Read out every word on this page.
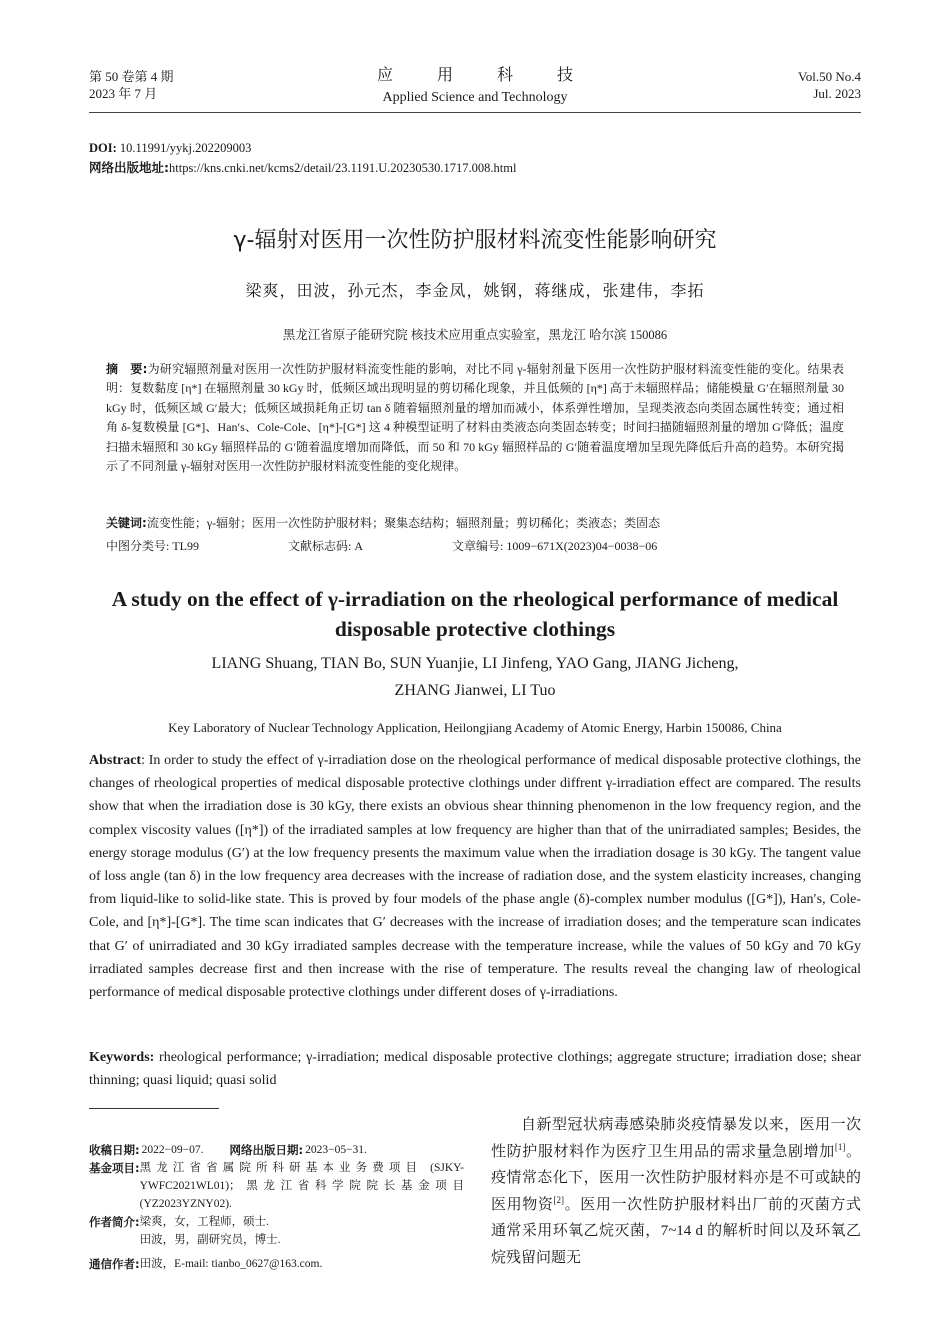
第 50 卷第 4 期
2023 年 7 月
应用科技
Applied Science and Technology
Vol.50 No.4
Jul. 2023
DOI: 10.11991/yykj.202209003
网络出版地址:https://kns.cnki.net/kcms2/detail/23.1191.U.20230530.1717.008.html
γ-辐射对医用一次性防护服材料流变性能影响研究
梁爽，田波，孙元杰，李金凤，姚钢，蒋继成，张建伟，李拓
黑龙江省原子能研究院 核技术应用重点实验室，黑龙江 哈尔滨 150086
摘　要:为研究辐照剂量对医用一次性防护服材料流变性能的影响，对比不同 γ-辐射剂量下医用一次性防护服材料流变性能的变化。结果表明：复数黏度 [η*] 在辐照剂量 30 kGy 时，低频区域出现明显的剪切稀化现象，并且低频的 [η*] 高于未辐照样品；储能模量 G′在辐照剂量 30 kGy 时，低频区域 G′最大；低频区域损耗角正切 tan δ 随着辐照剂量的增加而减小，体系弹性增加，呈现类液态向类固态属性转变；通过相角 δ-复数模量 [G*]、Han′s、Cole-Cole、[η*]-[G*] 这 4 种模型证明了材料由类液态向类固态转变；时间扫描随辐照剂量的增加 G′降低；温度扫描未辐照和 30 kGy 辐照样品的 G′随着温度增加而降低，而 50 和 70 kGy 辐照样品的 G′随着温度增加呈现先降低后升高的趋势。本研究揭示了不同剂量 γ-辐射对医用一次性防护服材料流变性能的变化规律。
关键词:流变性能；γ-辐射；医用一次性防护服材料；聚集态结构；辐照剂量；剪切稀化；类液态；类固态
中图分类号: TL99	文献标志码: A	文章编号: 1009−671X(2023)04−0038−06
A study on the effect of γ-irradiation on the rheological performance of medical disposable protective clothings
LIANG Shuang, TIAN Bo, SUN Yuanjie, LI Jinfeng, YAO Gang, JIANG Jicheng,
ZHANG Jianwei, LI Tuo
Key Laboratory of Nuclear Technology Application, Heilongjiang Academy of Atomic Energy, Harbin 150086, China
Abstract: In order to study the effect of γ-irradiation dose on the rheological performance of medical disposable protective clothings, the changes of rheological properties of medical disposable protective clothings under diffrent γ-irradiation effect are compared. The results show that when the irradiation dose is 30 kGy, there exists an obvious shear thinning phenomenon in the low frequency region, and the complex viscosity values ([η*]) of the irradiated samples at low frequency are higher than that of the unirradiated samples; Besides, the energy storage modulus (G′) at the low frequency presents the maximum value when the irradiation dosage is 30 kGy. The tangent value of loss angle (tan δ) in the low frequency area decreases with the increase of radiation dose, and the system elasticity increases, changing from liquid-like to solid-like state. This is proved by four models of the phase angle (δ)-complex number modulus ([G*]), Han′s, Cole-Cole, and [η*]-[G*]. The time scan indicates that G′ decreases with the increase of irradiation doses; and the temperature scan indicates that G′ of unirradiated and 30 kGy irradiated samples decrease with the temperature increase, while the values of 50 kGy and 70 kGy irradiated samples decrease first and then increase with the rise of temperature. The results reveal the changing law of rheological performance of medical disposable protective clothings under different doses of γ-irradiations.
Keywords: rheological performance; γ-irradiation; medical disposable protective clothings; aggregate structure; irradiation dose; shear thinning; quasi liquid; quasi solid
收稿日期: 2022−09−07. 网络出版日期: 2023−05−31.
基金项目: 黑龙江省省属院所科研基本业务费项目 (SJKY-YWFC2021WL01)；黑龙江省科学院院长基金项目 (YZ2023YZNY02).
作者简介: 梁爽，女，工程师，硕士.
田波，男，副研究员，博士.
通信作者: 田波，E-mail: tianbo_0627@163.com.

自新型冠状病毒感染肺炎疫情暴发以来，医用一次性防护服材料作为医疗卫生用品的需求量急剧增加[1]。疫情常态化下，医用一次性防护服材料亦是不可或缺的医用物资[2]。医用一次性防护服材料出厂前的灭菌方式通常采用环氧乙烷灭菌，7~14 d 的解析时间以及环氧乙烷残留问题无
